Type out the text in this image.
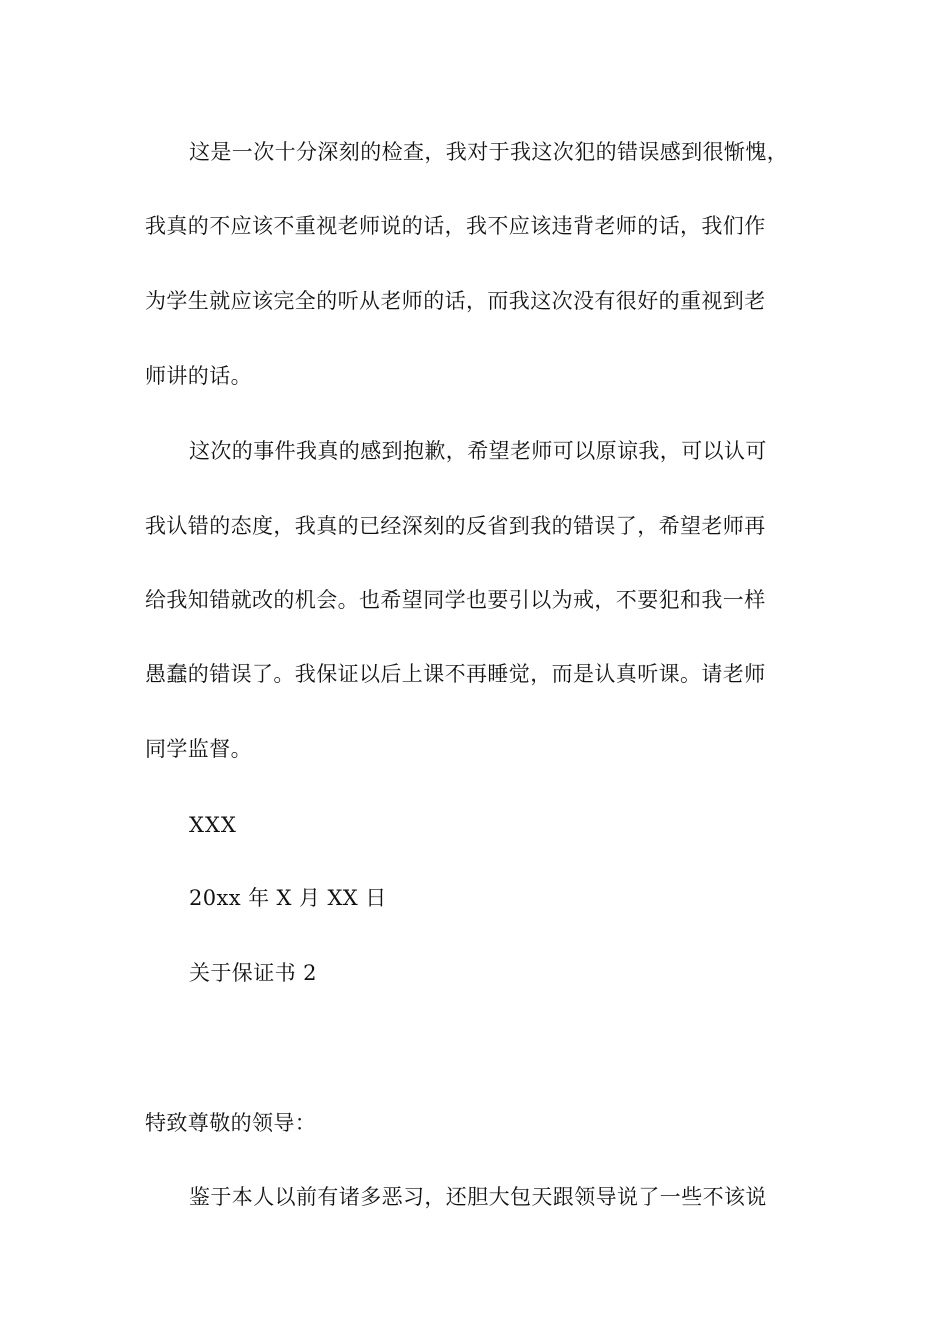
这是一次十分深刻的检查，我对于我这次犯的错误感到很惭愧，
我真的不应该不重视老师说的话，我不应该违背老师的话，我们作
为学生就应该完全的听从老师的话，而我这次没有很好的重视到老
师讲的话。
这次的事件我真的感到抱歉，希望老师可以原谅我，可以认可
我认错的态度，我真的已经深刻的反省到我的错误了，希望老师再
给我知错就改的机会。也希望同学也要引以为戒，不要犯和我一样
愚蠢的错误了。我保证以后上课不再睡觉，而是认真听课。请老师
同学监督。
XXX
20xx 年 X 月 XX 日
关于保证书 2
特致尊敬的领导：
鉴于本人以前有诸多恶习，还胆大包天跟领导说了一些不该说
